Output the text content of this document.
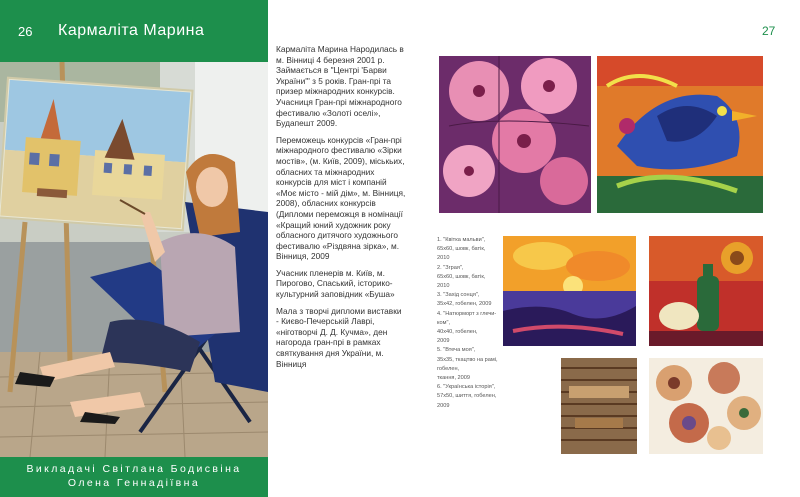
26 Кармаліта Марина
Викладачі Світлана Бодисвіна
Олена Геннадіївна

Кармаліта Марина Народилась в м. Вінниці 4 березня 2001 р. Займається в "Центрі 'Барви України'" з 5 років. Гран-прі та призер міжнародних конкурсів. Учасниця Гран-прі міжнародного фестивалю «Золоті оселі», Будапешт 2009.

Переможець конкурсів «Гран-прі міжнародного фестивалю «Зірки мостів», (м. Київ, 2009), міськьих, обласних та міжнародних конкурсів для міст і компаній «Моє місто - мій дім», м. Вінниця, 2008), обласних конкурсів (Дипломи переможця в номінації «Кращий юний художник року обласного дитячого художнього фестивалю «Різдвяна зірка», м. Вінниця, 2009

Учасник пленерів м. Київ, м. Пирогово, Спаський, історико-культурний заповідник «Буша»

Мала з творчі дипломи виставки - Києво-Печерській Лаврі, «ніготворчі Д. Д. Кучма», ден нагорода гран-прі в рамках святкування дня України, м. Вінниця

27
1. "Квітка мальви",
65х60, шовк, батік,
2010
2. "Зграя",
65х60, шовк, батік,
2010
3. "Захід сонця",
35х42, гобелен, 2009
4. "Натюрморт з глечи-
ком",
40х40, гобелен,
2009
5. "Втеча моя",
35х35, ткацтво на рамі,
гобелен,
ткання, 2009
6. "Українська історія",
57х50, шиття, гобелен,
2009
